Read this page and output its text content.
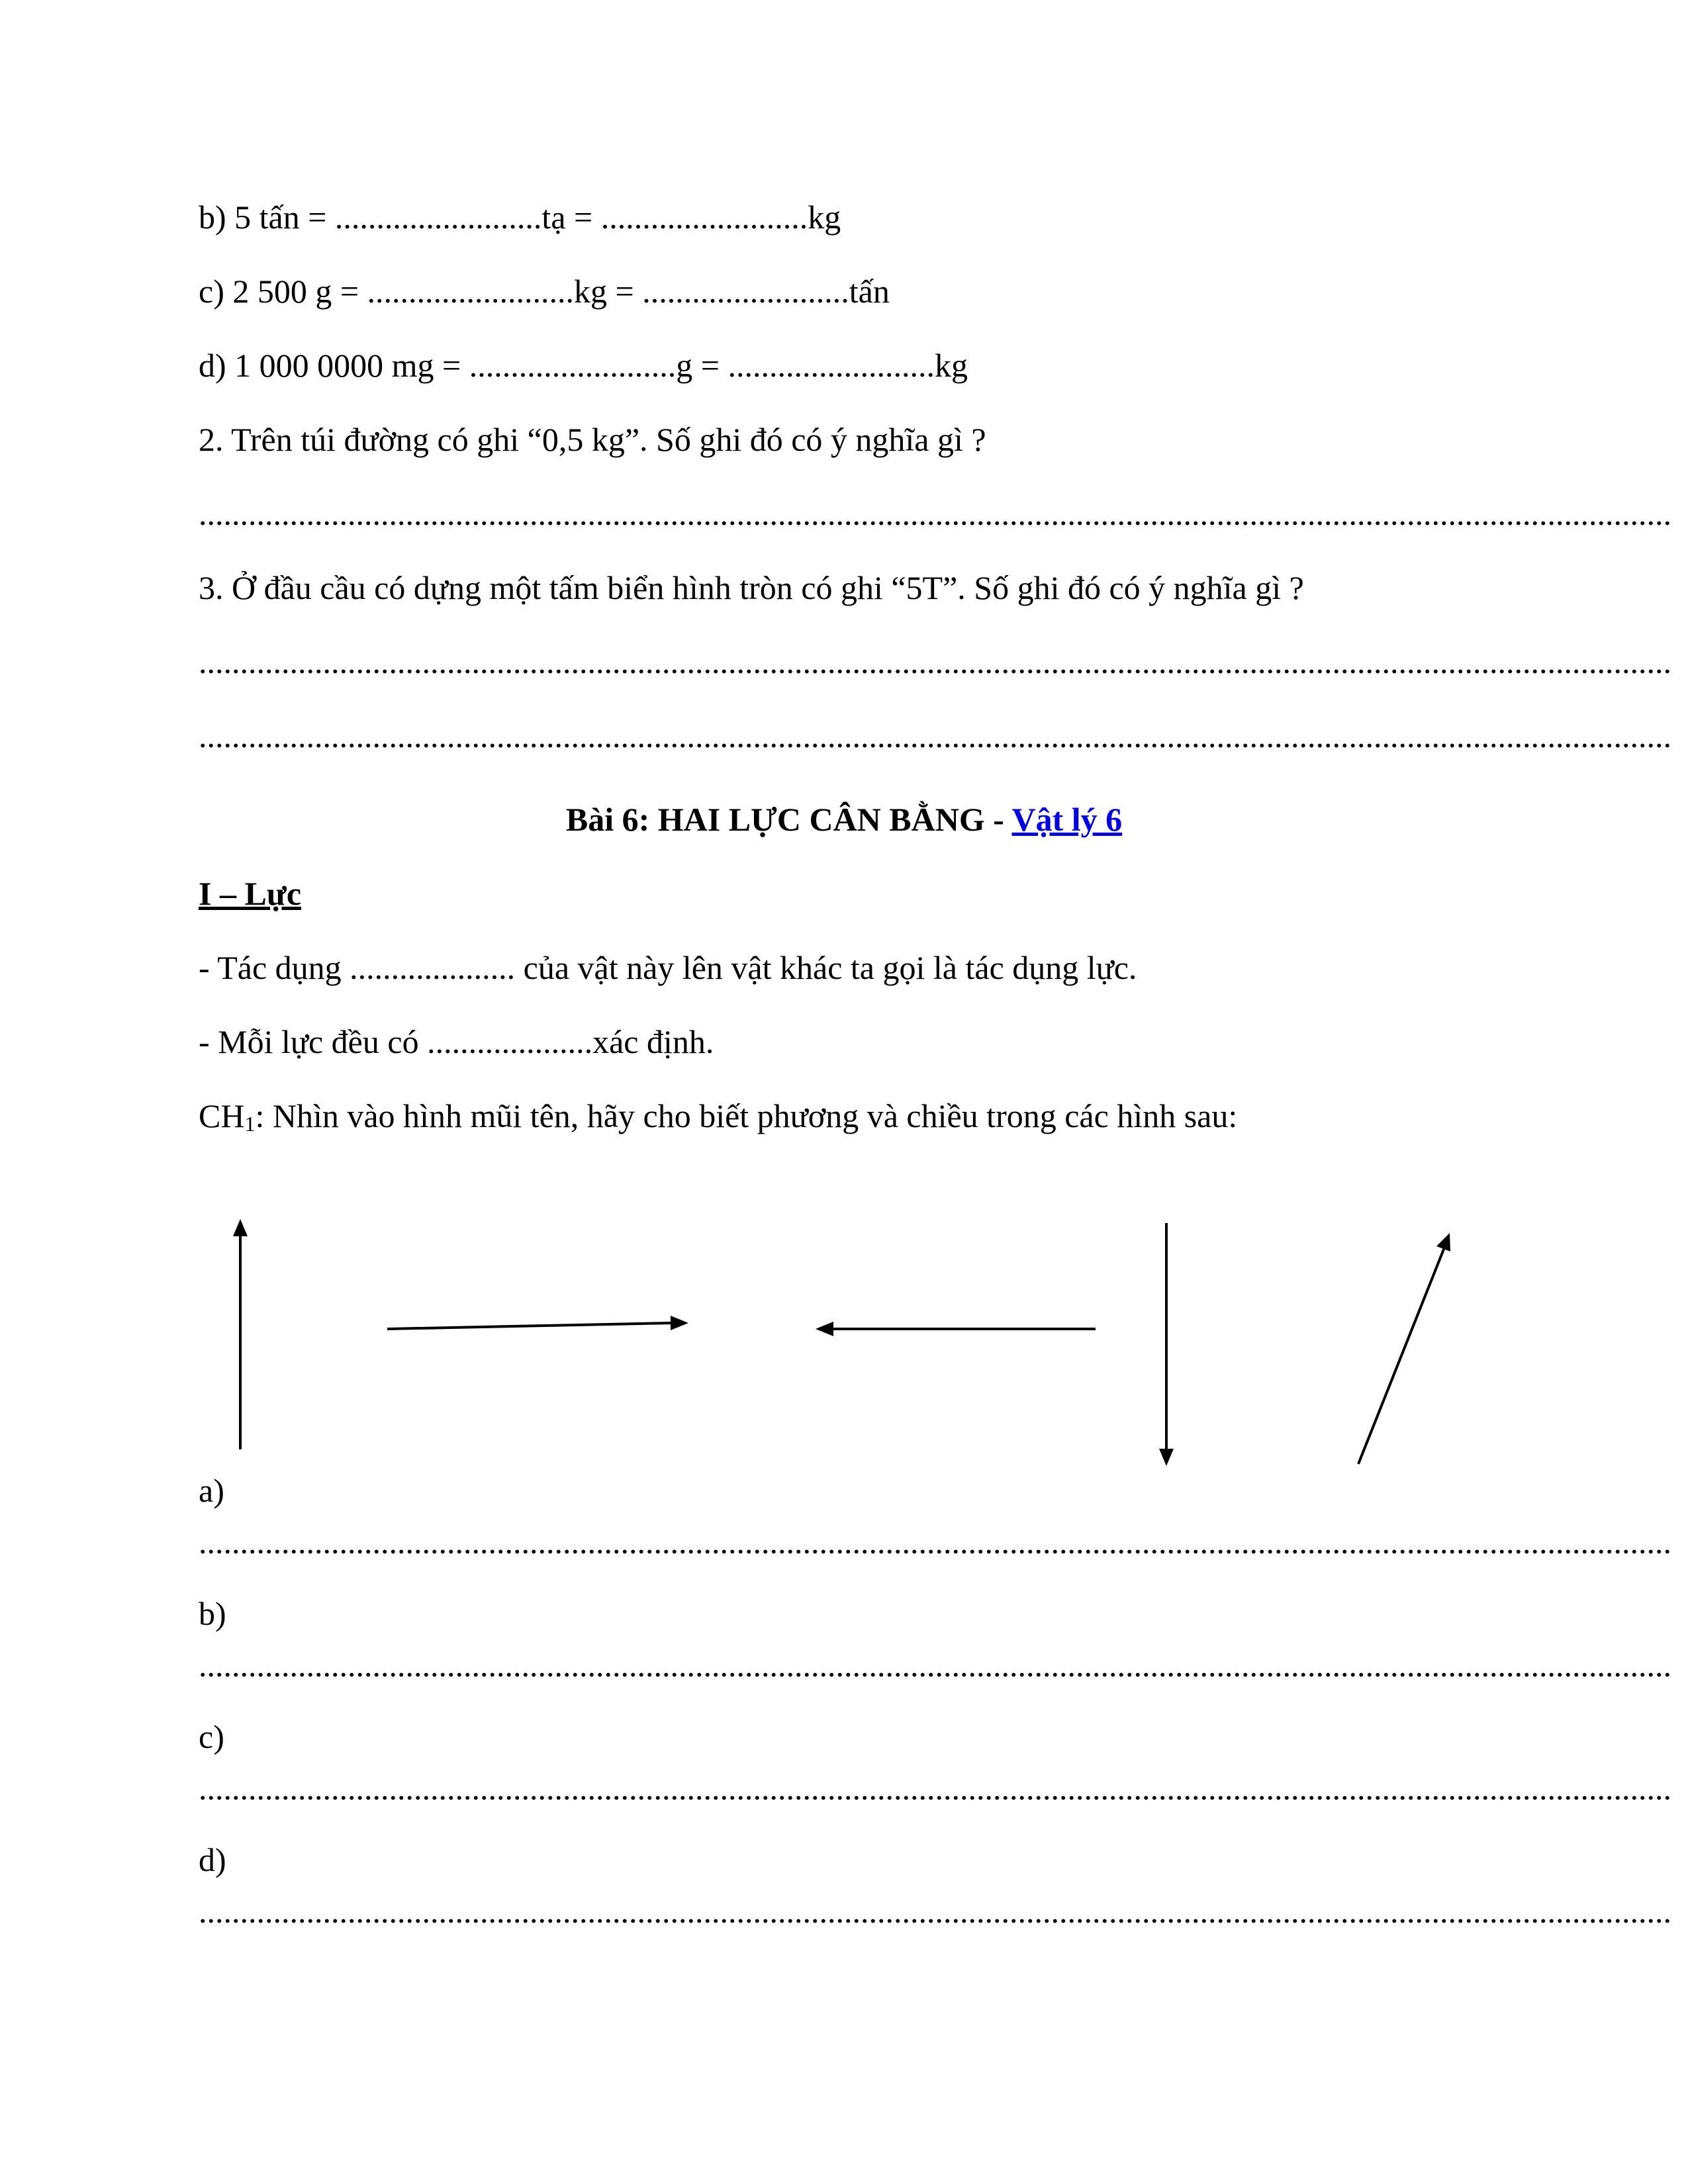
b) 5 tấn = .........................tạ = .........................kg
c) 2 500 g = .........................kg = .........................tấn
d) 1 000 0000 mg = .........................g = .........................kg
2. Trên túi đường có ghi “0,5 kg”. Số ghi đó có ý nghĩa gì ?
..................................................................................................................................................................................
3. Ở đầu cầu có dựng một tấm biển hình tròn có ghi “5T”. Số ghi đó có ý nghĩa gì ?
..................................................................................................................................................................................
..................................................................................................................................................................................
Bài 6: HAI LỰC CÂN BẰNG - Vật lý 6
I – Lực
- Tác dụng .................... của vật này lên vật khác ta gọi là tác dụng lực.
- Mỗi lực đều có ....................xác định.
$CH_1$: Nhìn vào hình mũi tên, hãy cho biết phương và chiều trong các hình sau:
a)
..................................................................................................................................................................................
b)
..................................................................................................................................................................................
c)
..................................................................................................................................................................................
d)
..................................................................................................................................................................................
